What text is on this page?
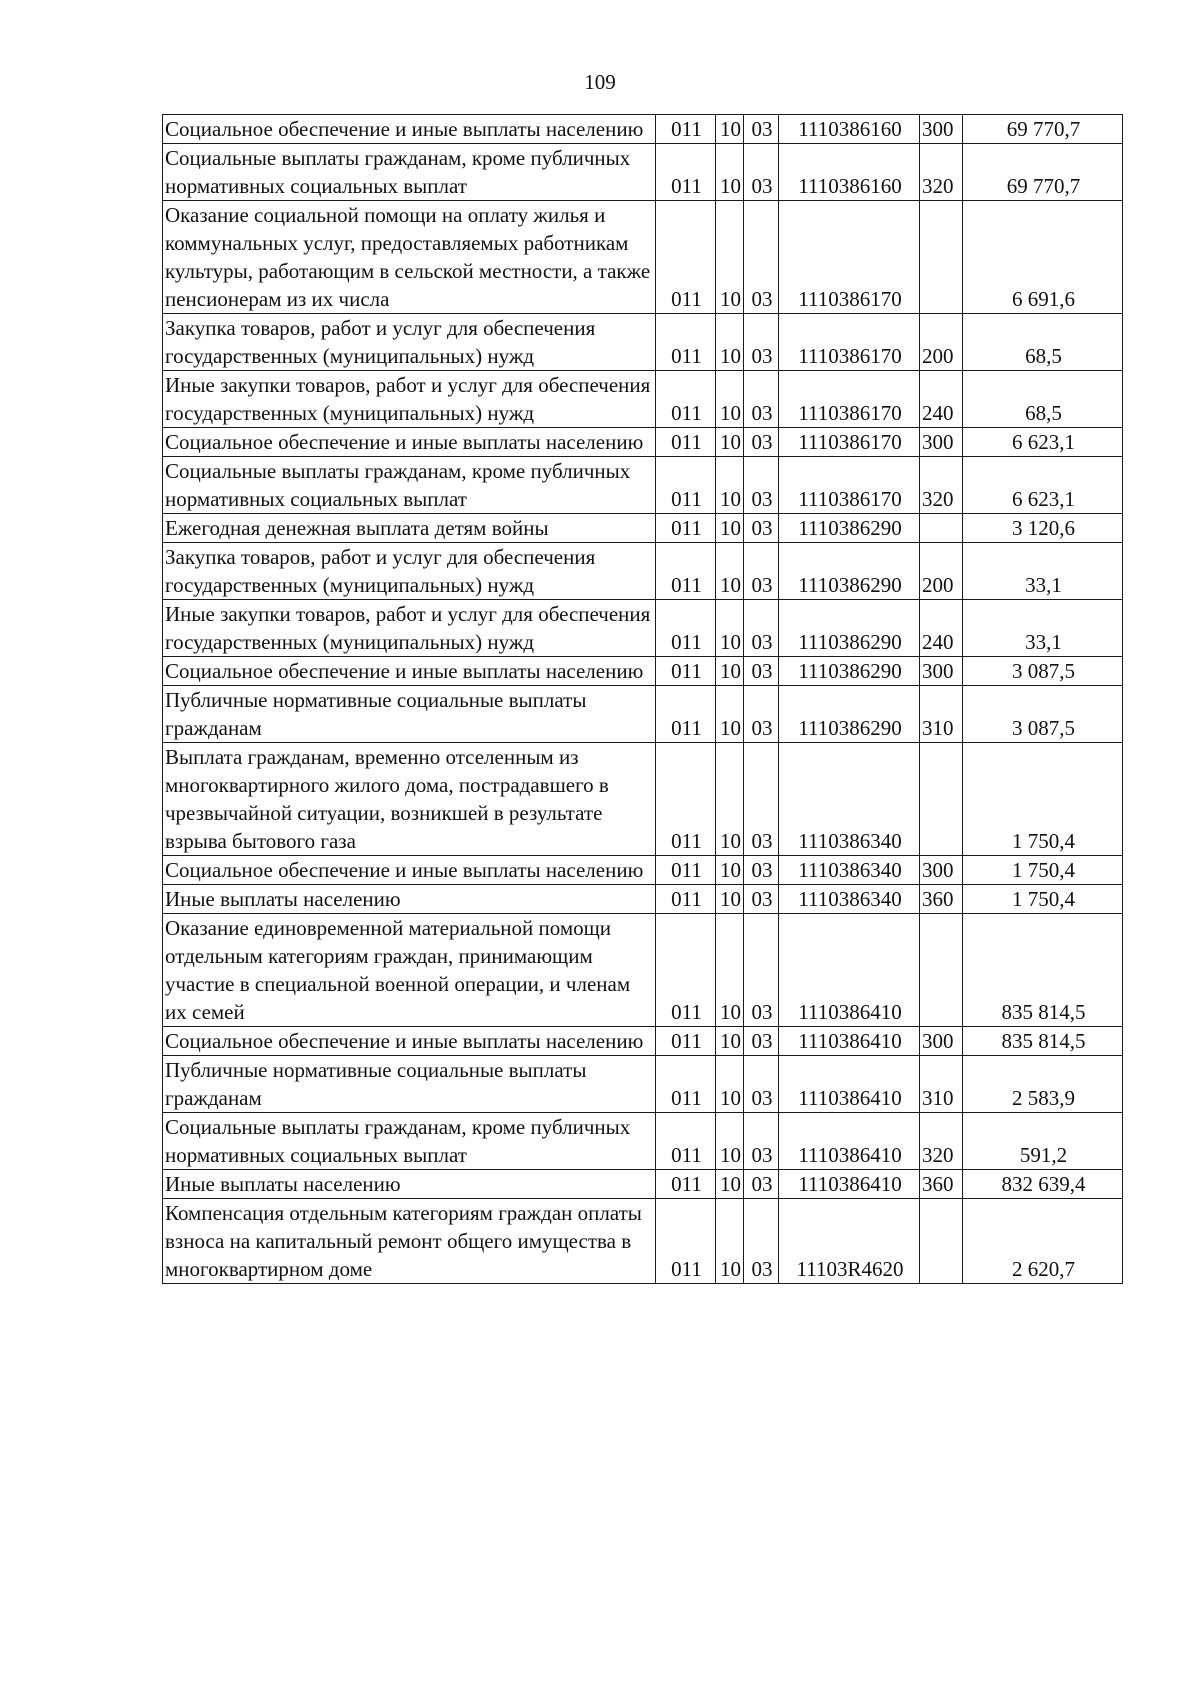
109
Социальное обеспечение и иные выплаты населению	011	10	03	1110386160	300	69 770,7
Социальные выплаты гражданам, кроме публичных нормативных социальных выплат	011	10	03	1110386160	320	69 770,7
Оказание социальной помощи на оплату жилья и коммунальных услуг, предоставляемых работникам культуры, работающим в сельской местности, а также пенсионерам из их числа	011	10	03	1110386170		6 691,6
Закупка товаров, работ и услуг для обеспечения государственных (муниципальных) нужд	011	10	03	1110386170	200	68,5
Иные закупки товаров, работ и услуг для обеспечения государственных (муниципальных) нужд	011	10	03	1110386170	240	68,5
Социальное обеспечение и иные выплаты населению	011	10	03	1110386170	300	6 623,1
Социальные выплаты гражданам, кроме публичных нормативных социальных выплат	011	10	03	1110386170	320	6 623,1
Ежегодная денежная выплата детям войны	011	10	03	1110386290		3 120,6
Закупка товаров, работ и услуг для обеспечения государственных (муниципальных) нужд	011	10	03	1110386290	200	33,1
Иные закупки товаров, работ и услуг для обеспечения государственных (муниципальных) нужд	011	10	03	1110386290	240	33,1
Социальное обеспечение и иные выплаты населению	011	10	03	1110386290	300	3 087,5
Публичные нормативные социальные выплаты гражданам	011	10	03	1110386290	310	3 087,5
Выплата гражданам, временно отселенным из многоквартирного жилого дома, пострадавшего в чрезвычайной ситуации, возникшей в результате взрыва бытового газа	011	10	03	1110386340		1 750,4
Социальное обеспечение и иные выплаты населению	011	10	03	1110386340	300	1 750,4
Иные выплаты населению	011	10	03	1110386340	360	1 750,4
Оказание единовременной материальной помощи отдельным категориям граждан, принимающим участие в специальной военной операции, и членам их семей	011	10	03	1110386410		835 814,5
Социальное обеспечение и иные выплаты населению	011	10	03	1110386410	300	835 814,5
Публичные нормативные социальные выплаты гражданам	011	10	03	1110386410	310	2 583,9
Социальные выплаты гражданам, кроме публичных нормативных социальных выплат	011	10	03	1110386410	320	591,2
Иные выплаты населению	011	10	03	1110386410	360	832 639,4
Компенсация отдельным категориям граждан оплаты взноса на капитальный ремонт общего имущества в многоквартирном доме	011	10	03	11103R4620		2 620,7
